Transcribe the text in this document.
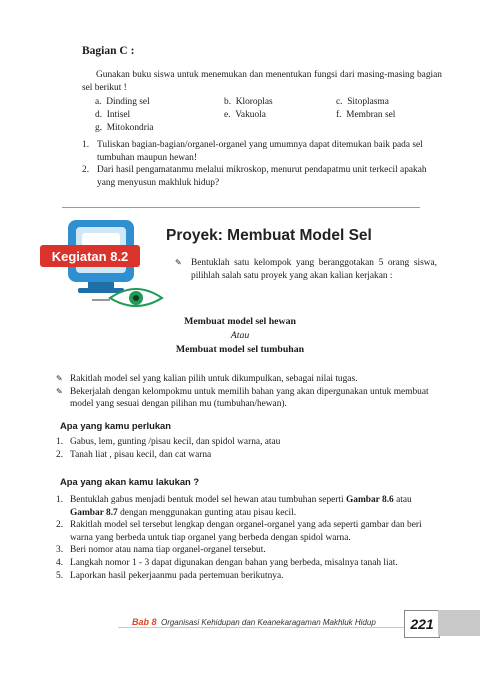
Bagian C :
Gunakan buku siswa untuk menemukan dan menentukan fungsi dari masing-masing bagian sel berikut !
a. Dinding sel	b. Kloroplas	c. Sitoplasma
d. Intisel	e. Vakuola	f. Membran sel
g. Mitokondria
1. Tuliskan bagian-bagian/organel-organel yang umumnya dapat ditemukan baik pada sel tumbuhan maupun hewan!
2. Dari hasil pengamatanmu melalui mikroskop, menurut pendapatmu unit terkecil apakah yang menyusun makhluk hidup?
Kegiatan 8.2
Proyek: Membuat Model Sel
✎ Bentuklah satu kelompok yang beranggotakan 5 orang siswa, pilihlah salah satu proyek yang akan kalian kerjakan :
Membuat model sel hewan
Atau
Membuat model sel tumbuhan
✎ Rakitlah model sel yang kalian pilih untuk dikumpulkan, sebagai nilai tugas.
✎ Bekerjalah dengan kelompokmu untuk memilih bahan yang akan dipergunakan untuk membuat model yang sesuai dengan pilihan mu (tumbuhan/hewan).
Apa yang kamu perlukan
1. Gabus, lem, gunting /pisau kecil, dan spidol warna, atau
2. Tanah liat , pisau kecil, dan cat warna
Apa yang akan kamu lakukan ?
1. Bentuklah gabus menjadi bentuk model sel hewan atau tumbuhan seperti Gambar 8.6 atau Gambar 8.7 dengan menggunakan gunting atau pisau kecil.
2. Rakitlah model sel tersebut lengkap dengan organel-organel yang ada seperti gambar dan beri warna yang berbeda untuk tiap organel yang berbeda dengan spidol warna.
3. Beri nomor atau nama tiap organel-organel tersebut.
4. Langkah nomor 1 - 3 dapat digunakan dengan bahan yang berbeda, misalnya tanah liat.
5. Laporkan hasil pekerjaanmu pada pertemuan berikutnya.
Bab 8 Organisasi Kehidupan dan Keanekaragaman Makhluk Hidup	221
